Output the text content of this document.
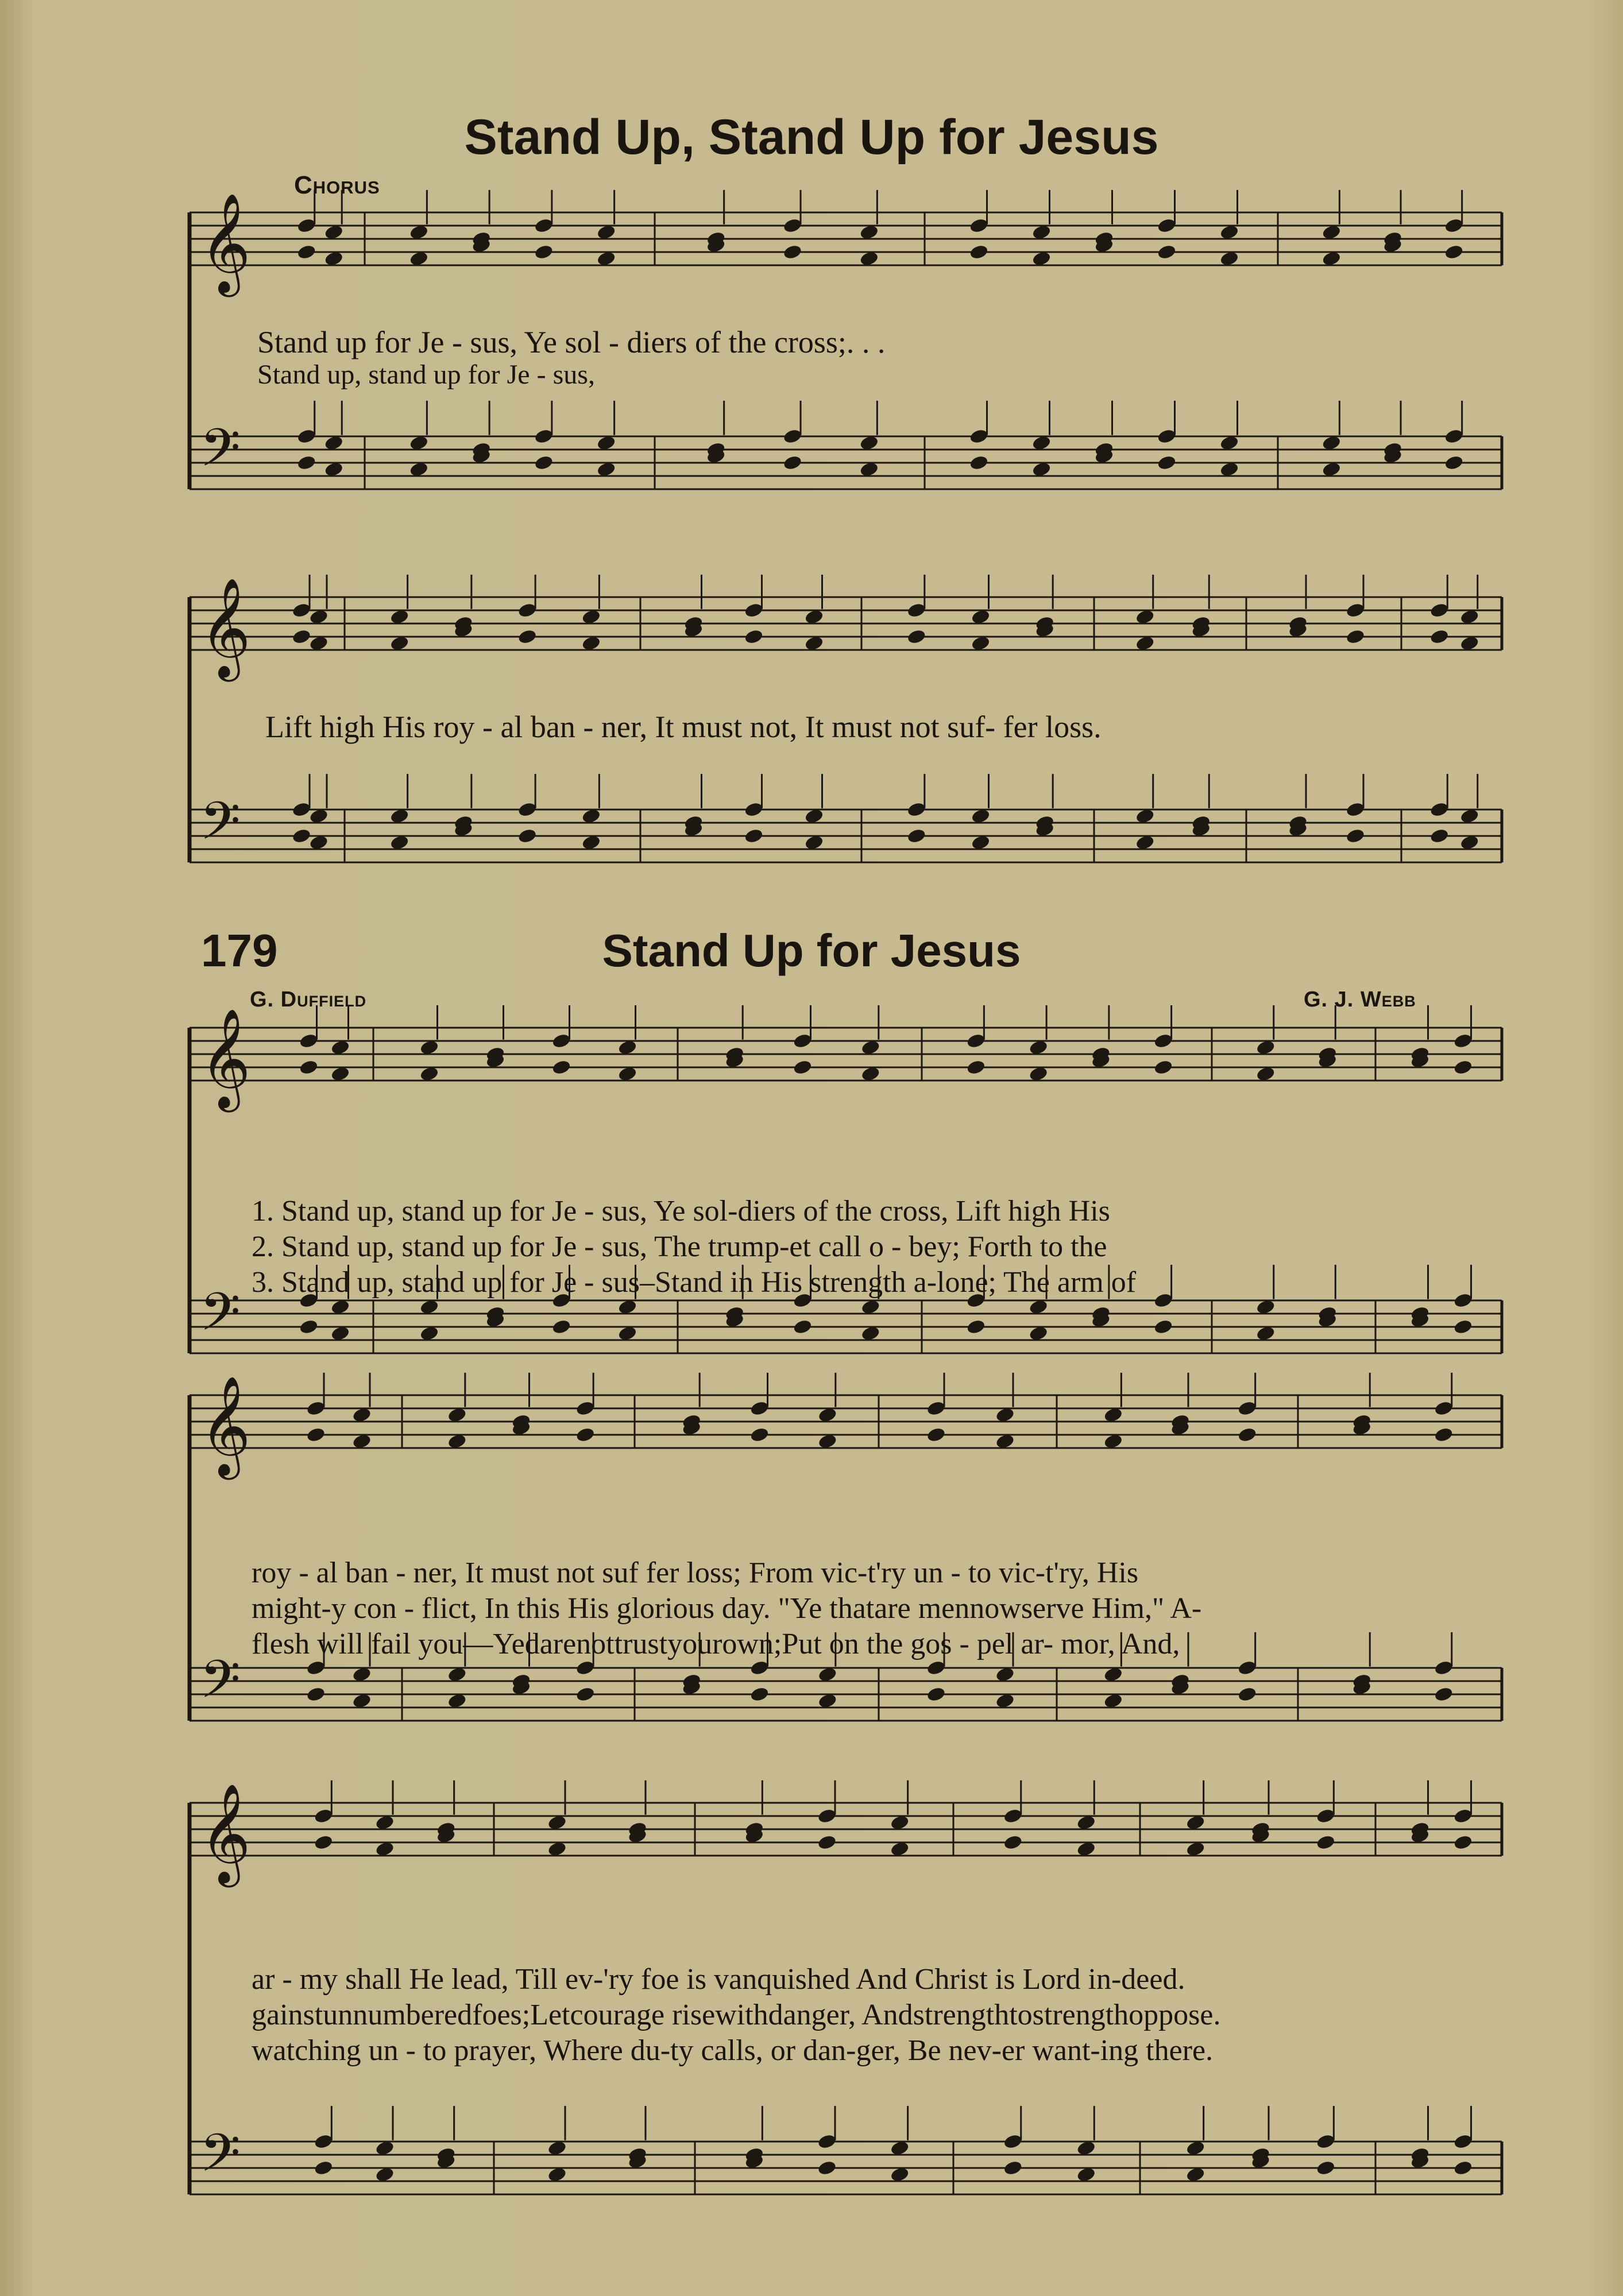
𝄞
𝄢
𝄞
𝄢
𝄞
𝄢
𝄞
𝄢
𝄞
𝄢
Stand Up, Stand Up for Jesus
Chorus
179	Stand Up for Jesus
G. Duffield	G. J. Webb
Stand up for Je - sus, Ye sol - diers of the cross;. . .
Stand up, stand up for Je - sus,
Lift high His roy - al ban - ner, It must not, It must not suf- fer loss.
1. Stand up, stand up for Je - sus, Ye sol-diers of the cross, Lift high His
2. Stand up, stand up for Je - sus, The trump-et call o - bey; Forth to the
3. Stand up, stand up for Je - sus–Stand in His strength a-lone; The arm of
roy - al ban - ner, It must not suf fer loss; From vic-t'ry un - to vic-t'ry, His
might-y con - flict, In this His glorious day. "Ye thatare mennowserve Him," A-
flesh will fail you—Yedarenottrustyourown;Put on the gos - pel ar- mor, And,
ar - my shall He lead, Till ev-'ry foe is vanquished And Christ is Lord in-deed.
gainstunnumberedfoes;Letcourage risewithdanger, Andstrengthtostrengthoppose.
watching un - to prayer, Where du-ty calls, or dan-ger, Be nev-er want-ing there.
